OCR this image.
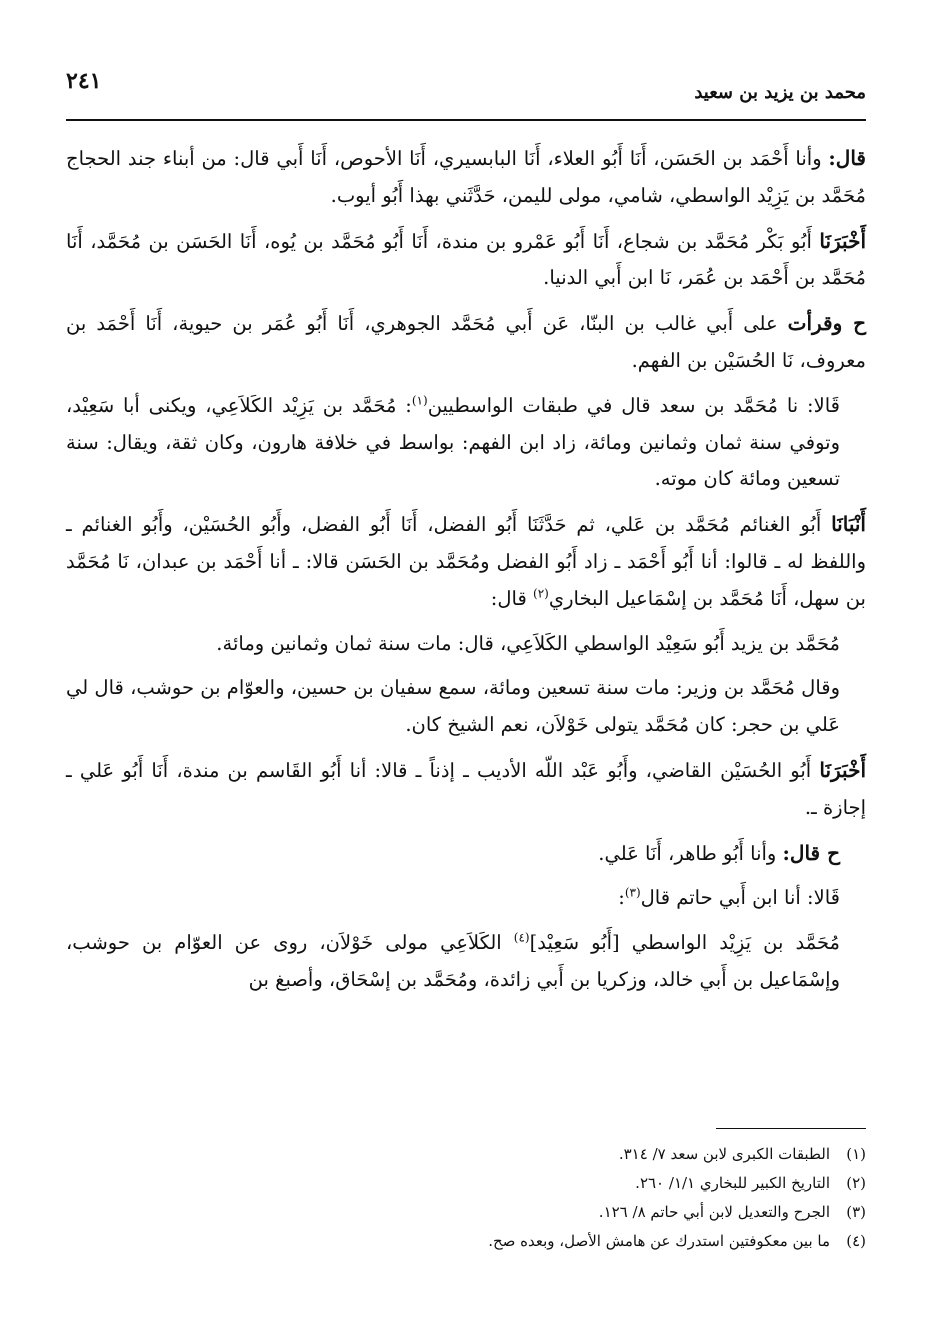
٢٤١	محمد بن يزيد بن سعيد

قال: وأنا أَحْمَد بن الحَسَن، أَنَا أَبُو العلاء، أَنَا البابسيري، أَنَا الأحوص، أَنَا أَبي قال: من أبناء جند الحجاج مُحَمَّد بن يَزِيْد الواسطي، شامي، مولى لليمن، حَدَّثَني بهذا أَبُو أيوب.

أَخْبَرَنَا أَبُو بَكْر مُحَمَّد بن شجاع، أَنَا أَبُو عَمْرو بن مندة، أَنَا أَبُو مُحَمَّد بن يُوه، أَنَا الحَسَن بن مُحَمَّد، أَنَا مُحَمَّد بن أَحْمَد بن عُمَر، نَا ابن أَبي الدنيا.

ح وقرأت على أَبي غالب بن البنّا، عَن أَبي مُحَمَّد الجوهري، أَنَا أَبُو عُمَر بن حيوية، أَنَا أَحْمَد بن معروف، نَا الحُسَيْن بن الفهم.

قَالا: نا مُحَمَّد بن سعد قال في طبقات الواسطيين$^{(١)}$: مُحَمَّد بن يَزِيْد الكَلاَعِي، ويكنى أبا سَعِيْد، وتوفي سنة ثمان وثمانين ومائة، زاد ابن الفهم: بواسط في خلافة هارون، وكان ثقة، ويقال: سنة تسعين ومائة كان موته.

أَنْبَانَا أَبُو الغنائم مُحَمَّد بن عَلي، ثم حَدَّثَنَا أَبُو الفضل، أَنَا أَبُو الفضل، وأَبُو الحُسَيْن، وأَبُو الغنائم ـ واللفظ له ـ قالوا: أنا أَبُو أَحْمَد ـ زاد أَبُو الفضل ومُحَمَّد بن الحَسَن قالا: ـ أنا أَحْمَد بن عبدان، نَا مُحَمَّد بن سهل، أَنَا مُحَمَّد بن إسْمَاعيل البخاري$^{(٢)}$ قال:

مُحَمَّد بن يزيد أَبُو سَعِيْد الواسطي الكَلاَعِي، قال: مات سنة ثمان وثمانين ومائة.

وقال مُحَمَّد بن وزير: مات سنة تسعين ومائة، سمع سفيان بن حسين، والعوّام بن حوشب، قال لي عَلي بن حجر: كان مُحَمَّد يتولى خَوْلاَن، نعم الشيخ كان.

أَخْبَرَنَا أَبُو الحُسَيْن القاضي، وأَبُو عَبْد اللّه الأديب ـ إذناً ـ قالا: أنا أَبُو القَاسم بن مندة، أَنَا أَبُو عَلي ـ إجازة ـ.

ح قال: وأنا أَبُو طاهر، أَنَا عَلي.

قَالا: أنا ابن أَبي حاتم قال$^{(٣)}$:

مُحَمَّد بن يَزِيْد الواسطي [أَبُو سَعِيْد]$^{(٤)}$ الكَلاَعِي مولى خَوْلاَن، روى عن العوّام بن حوشب، وإسْمَاعيل بن أَبي خالد، وزكريا بن أَبي زائدة، ومُحَمَّد بن إسْحَاق، وأصبغ بن

(١)
الطبقات الكبرى لابن سعد ٧/ ٣١٤.
(٢)
التاريخ الكبير للبخاري ١/١/ ٢٦٠.
(٣)
الجرح والتعديل لابن أبي حاتم ٨/ ١٢٦.
(٤)
ما بين معكوفتين استدرك عن هامش الأصل، وبعده صح.
